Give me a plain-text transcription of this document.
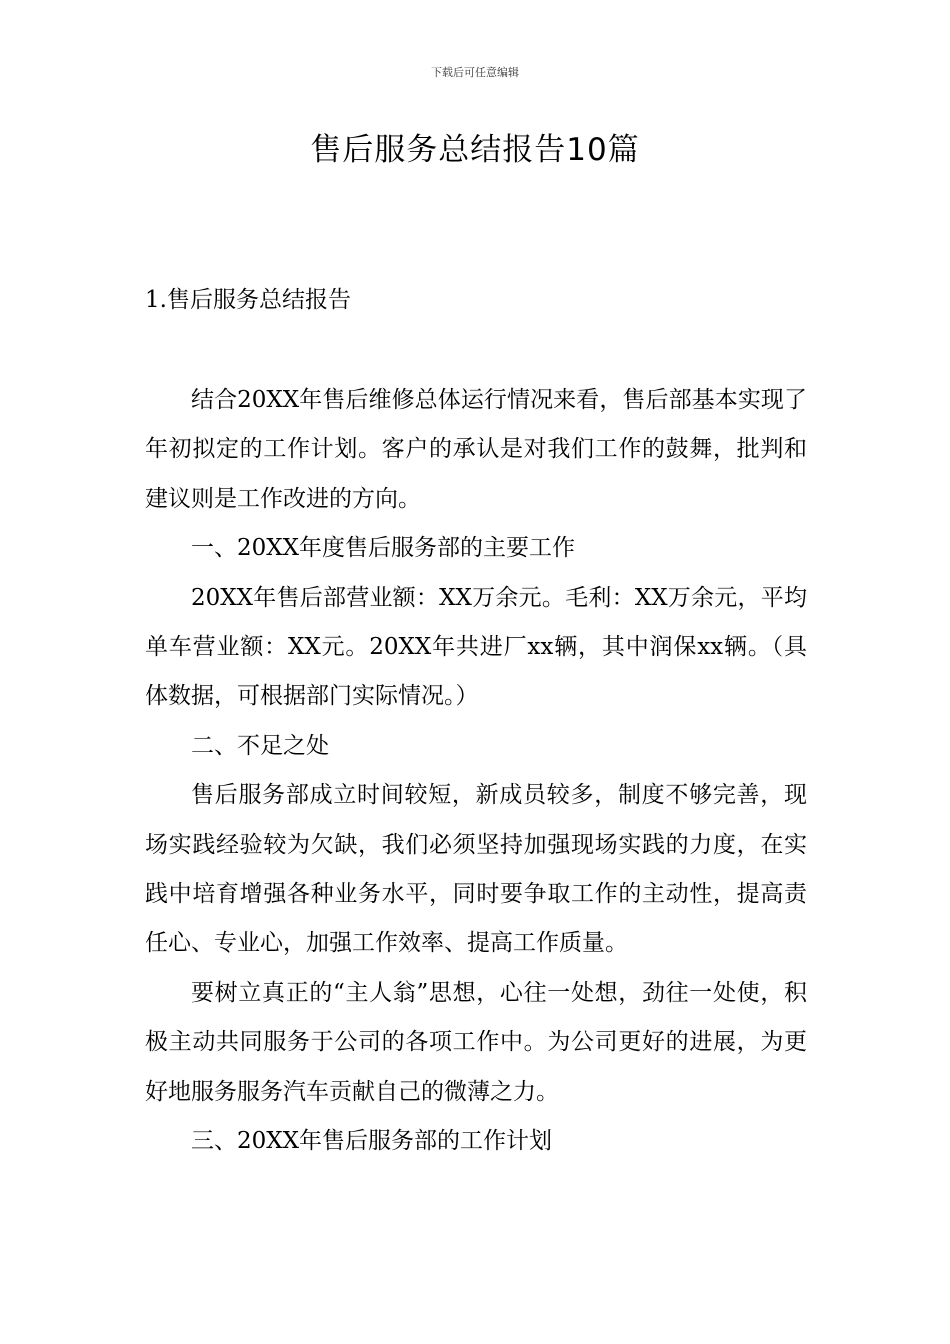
下载后可任意编辑
售后服务总结报告10篇
1.售后服务总结报告

结合20XX年售后维修总体运行情况来看，售后部基本实现了年初拟定的工作计划。客户的承认是对我们工作的鼓舞，批判和建议则是工作改进的方向。

一、20XX年度售后服务部的主要工作

20XX年售后部营业额：XX万余元。毛利：XX万余元，平均单车营业额：XX元。20XX年共进厂xx辆，其中润保xx辆。（具体数据，可根据部门实际情况。）

二、不足之处

售后服务部成立时间较短，新成员较多，制度不够完善，现场实践经验较为欠缺，我们必须坚持加强现场实践的力度，在实践中培育增强各种业务水平，同时要争取工作的主动性，提高责任心、专业心，加强工作效率、提高工作质量。

要树立真正的“主人翁”思想，心往一处想，劲往一处使，积极主动共同服务于公司的各项工作中。为公司更好的进展，为更好地服务服务汽车贡献自己的微薄之力。

三、20XX年售后服务部的工作计划
